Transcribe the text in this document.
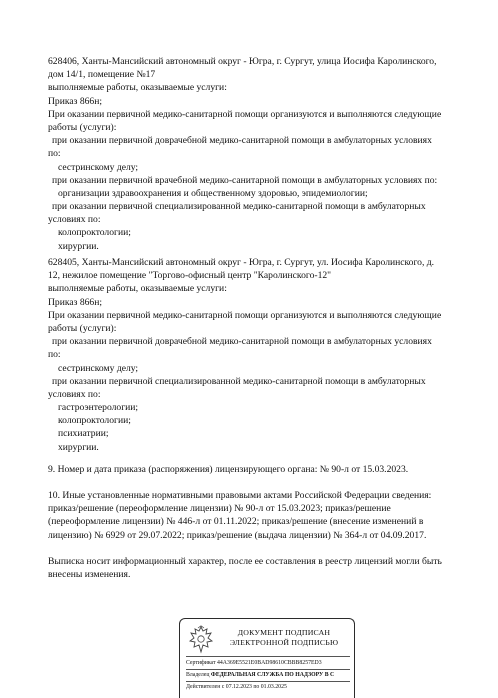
628406, Ханты-Мансийский автономный округ - Югра, г. Сургут, улица Иосифа Каролинского,
дом 14/1, помещение №17
выполняемые работы, оказываемые услуги:
Приказ 866н;
При оказании первичной медико-санитарной помощи организуются и выполняются следующие
работы (услуги):
при оказании первичной доврачебной медико-санитарной помощи в амбулаторных условиях
по:
сестринскому делу;
при оказании первичной врачебной медико-санитарной помощи в амбулаторных условиях по:
организации здравоохранения и общественному здоровью, эпидемиологии;
при оказании первичной специализированной медико-санитарной помощи в амбулаторных
условиях по:
колопроктологии;
хирургии.
628405, Ханты-Мансийский автономный округ - Югра, г. Сургут, ул. Иосифа Каролинского, д.
12, нежилое помещение "Торгово-офисный центр "Каролинского-12"
выполняемые работы, оказываемые услуги:
Приказ 866н;
При оказании первичной медико-санитарной помощи организуются и выполняются следующие
работы (услуги):
при оказании первичной доврачебной медико-санитарной помощи в амбулаторных условиях
по:
сестринскому делу;
при оказании первичной специализированной медико-санитарной помощи в амбулаторных
условиях по:
гастроэнтерологии;
колопроктологии;
психиатрии;
хирургии.
9. Номер и дата приказа (распоряжения) лицензирующего органа: № 90-л от 15.03.2023.
10. Иные установленные нормативными правовыми актами Российской Федерации сведения:
приказ/решение (переоформление лицензии) № 90-л от 15.03.2023; приказ/решение
(переоформление лицензии) № 446-л от 01.11.2022; приказ/решение (внесение изменений в
лицензию) № 6929 от 29.07.2022; приказ/решение (выдача лицензии) № 364-л от 04.09.2017.
Выписка носит информационный характер, после ее составления в реестр лицензий могли быть
внесены изменения.
ДОКУМЕНТ ПОДПИСАН
ЭЛЕКТРОННОЙ ПОДПИСЬЮ
Сертификат 44A369E5521E0BAD98610CBBB8257ED3
Владелец ФЕДЕРАЛЬНАЯ СЛУЖБА ПО НАДЗОРУ В С
Действителен с 07.12.2023 по 01.03.2025
